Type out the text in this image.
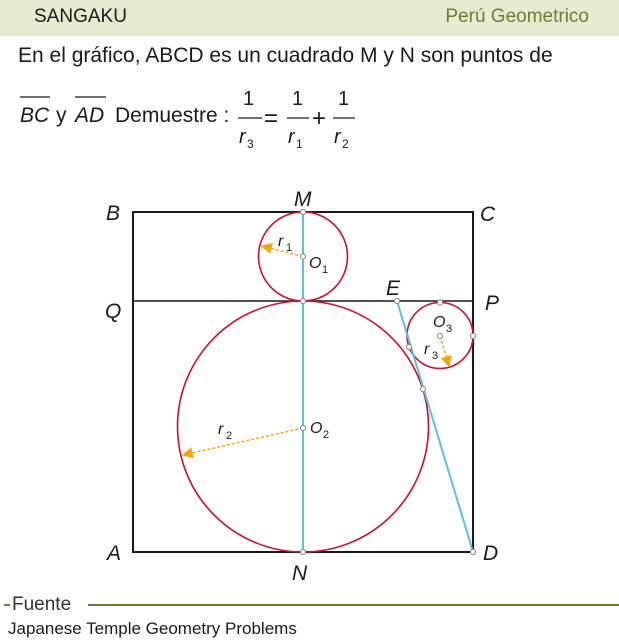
SANGAKU	Perú Geometrico
En el gráfico, ABCD es un cuadrado M y N son puntos de
BC y AD Demuestre :
1
r 3
=
1
r 1
+
1
r 2
B	C
A	D
M
N
Q	P
E
O
O
O
1
2
3
r
r
r
1
2
3
Fuente
Japanese Temple Geometry Problems
